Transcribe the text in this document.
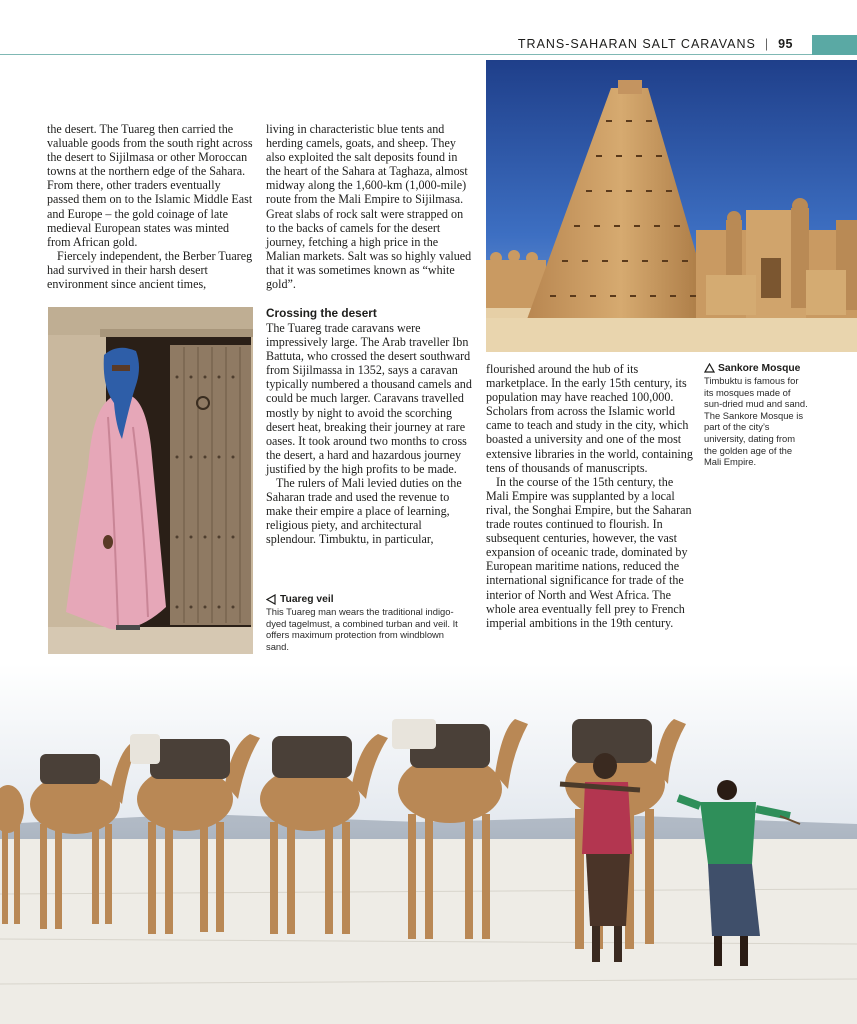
TRANS-SAHARAN SALT CARAVANS | 95

the desert. The Tuareg then carried the valuable goods from the south right across the desert to Sijilmasa or other Moroccan towns at the northern edge of the Sahara. From there, other traders eventually passed them on to the Islamic Middle East and Europe – the gold coinage of late medieval European states was minted from African gold.

Fiercely independent, the Berber Tuareg had survived in their harsh desert environment since ancient times,

living in characteristic blue tents and herding camels, goats, and sheep. They also exploited the salt deposits found in the heart of the Sahara at Taghaza, almost midway along the 1,600-km (1,000-mile) route from the Mali Empire to Sijilmasa. Great slabs of rock salt were strapped on to the backs of camels for the desert journey, fetching a high price in the Malian markets. Salt was so highly valued that it was sometimes known as “white gold”.

Crossing the desert

The Tuareg trade caravans were impressively large. The Arab traveller Ibn Battuta, who crossed the desert southward from Sijilmassa in 1352, says a caravan typically numbered a thousand camels and could be much larger. Caravans travelled mostly by night to avoid the scorching desert heat, breaking their journey at rare oases. It took around two months to cross the desert, a hard and hazardous journey justified by the high profits to be made.

The rulers of Mali levied duties on the Saharan trade and used the revenue to make their empire a place of learning, religious piety, and architectural splendour. Timbuktu, in particular,

flourished around the hub of its marketplace. In the early 15th century, its population may have reached 100,000. Scholars from across the Islamic world came to teach and study in the city, which boasted a university and one of the most extensive libraries in the world, containing tens of thousands of manuscripts.

In the course of the 15th century, the Mali Empire was supplanted by a local rival, the Songhai Empire, but the Saharan trade routes continued to flourish. In subsequent centuries, however, the vast expansion of oceanic trade, dominated by European maritime nations, reduced the international significance for trade of the interior of North and West Africa. The whole area eventually fell prey to French imperial ambitions in the 19th century.

Tuareg veil
This Tuareg man wears the traditional indigo-dyed tagelmust, a combined turban and veil. It offers maximum protection from windblown sand.
Sankore Mosque
Timbuktu is famous for its mosques made of sun-dried mud and sand. The Sankore Mosque is part of the city’s university, dating from the golden age of the Mali Empire.
